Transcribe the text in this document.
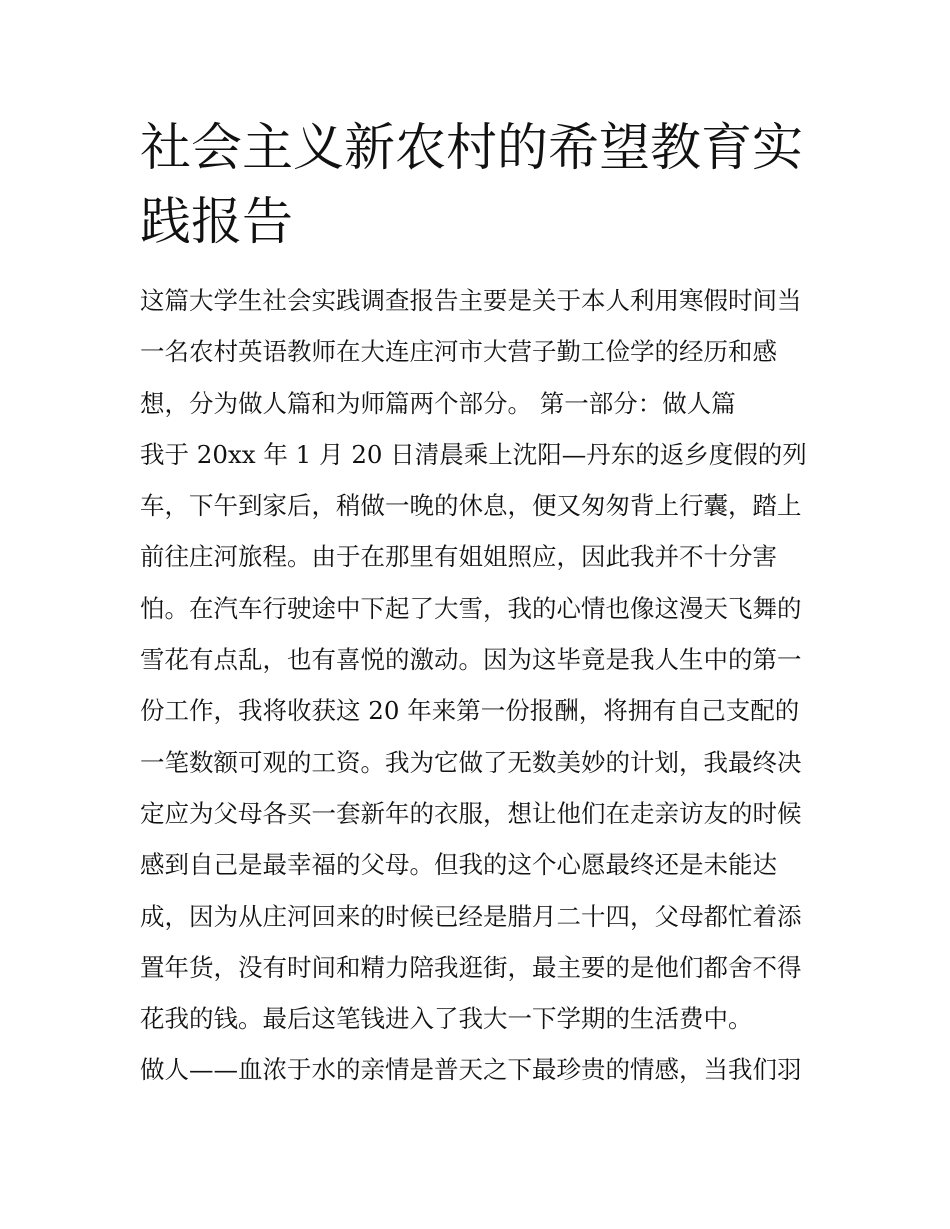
社会主义新农村的希望教育实
践报告
这篇大学生社会实践调查报告主要是关于本人利用寒假时间当
一名农村英语教师在大连庄河市大营子勤工俭学的经历和感
想，分为做人篇和为师篇两个部分。 第一部分：做人篇
我于 20xx 年 1 月 20 日清晨乘上沈阳—丹东的返乡度假的列
车，下午到家后，稍做一晚的休息，便又匆匆背上行囊，踏上
前往庄河旅程。由于在那里有姐姐照应，因此我并不十分害
怕。在汽车行驶途中下起了大雪，我的心情也像这漫天飞舞的
雪花有点乱，也有喜悦的激动。因为这毕竟是我人生中的第一
份工作，我将收获这 20 年来第一份报酬，将拥有自己支配的
一笔数额可观的工资。我为它做了无数美妙的计划，我最终决
定应为父母各买一套新年的衣服，想让他们在走亲访友的时候
感到自己是最幸福的父母。但我的这个心愿最终还是未能达
成，因为从庄河回来的时候已经是腊月二十四，父母都忙着添
置年货，没有时间和精力陪我逛街，最主要的是他们都舍不得
花我的钱。最后这笔钱进入了我大一下学期的生活费中。
做人——血浓于水的亲情是普天之下最珍贵的情感，当我们羽
